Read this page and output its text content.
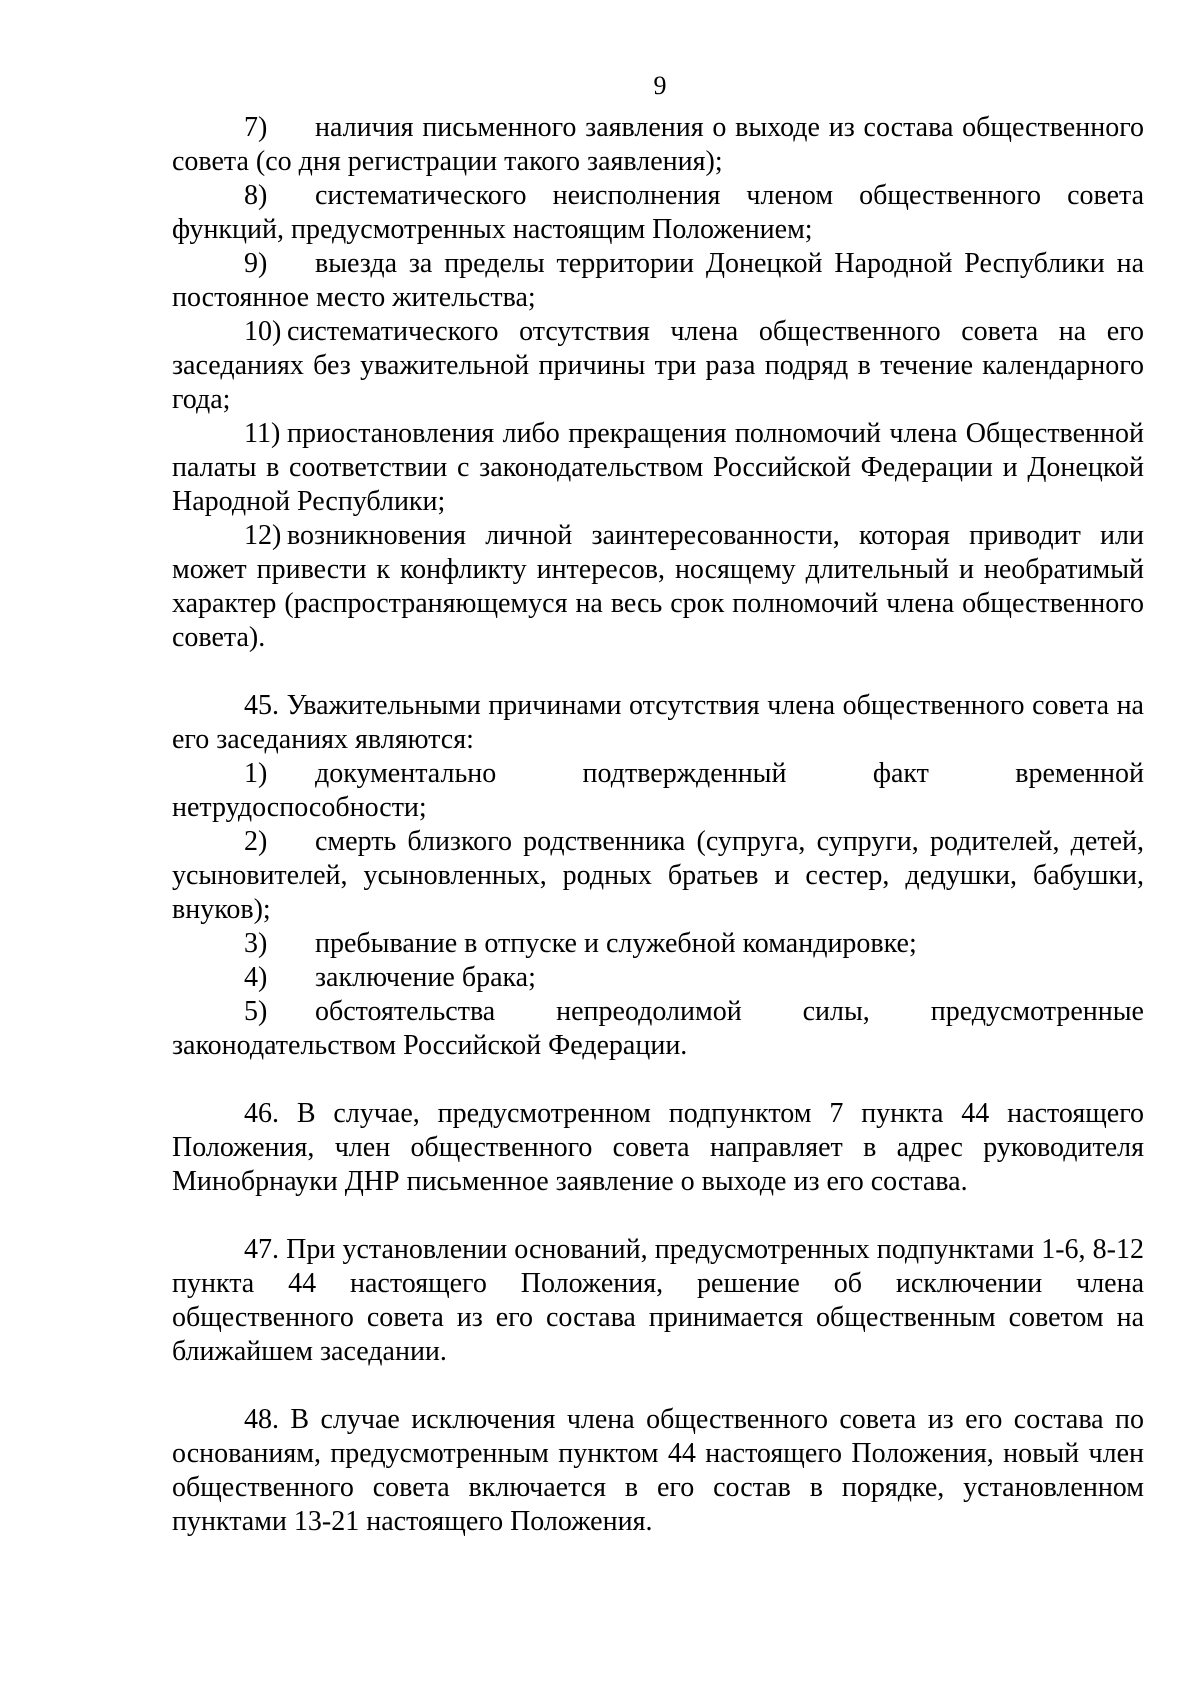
9

7) наличия письменного заявления о выходе из состава общественного совета (со дня регистрации такого заявления);

8) систематического неисполнения членом общественного совета функций, предусмотренных настоящим Положением;

9) выезда за пределы территории Донецкой Народной Республики на постоянное место жительства;

10) систематического отсутствия члена общественного совета на его заседаниях без уважительной причины три раза подряд в течение календарного года;

11) приостановления либо прекращения полномочий члена Общественной палаты в соответствии с законодательством Российской Федерации и Донецкой Народной Республики;

12) возникновения личной заинтересованности, которая приводит или может привести к конфликту интересов, носящему длительный и необратимый характер (распространяющемуся на весь срок полномочий члена общественного совета).

45. Уважительными причинами отсутствия члена общественного совета на его заседаниях являются:

1) документально подтвержденный факт временной нетрудоспособности;

2) смерть близкого родственника (супруга, супруги, родителей, детей, усыновителей, усыновленных, родных братьев и сестер, дедушки, бабушки, внуков);

3) пребывание в отпуске и служебной командировке;

4) заключение брака;

5) обстоятельства непреодолимой силы, предусмотренные законодательством Российской Федерации.

46. В случае, предусмотренном подпунктом 7 пункта 44 настоящего Положения, член общественного совета направляет в адрес руководителя Минобрнауки ДНР письменное заявление о выходе из его состава.

47. При установлении оснований, предусмотренных подпунктами 1-6, 8-12 пункта 44 настоящего Положения, решение об исключении члена общественного совета из его состава принимается общественным советом на ближайшем заседании.

48. В случае исключения члена общественного совета из его состава по основаниям, предусмотренным пунктом 44 настоящего Положения, новый член общественного совета включается в его состав в порядке, установленном пунктами 13-21 настоящего Положения.
